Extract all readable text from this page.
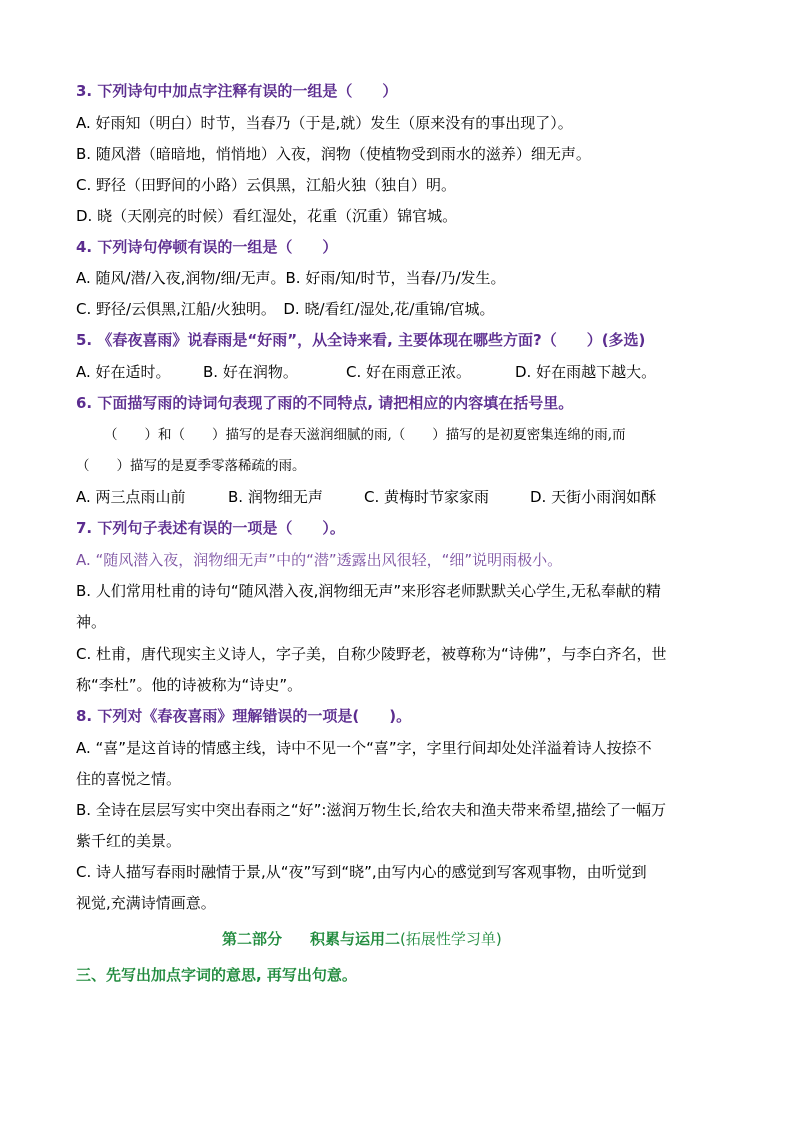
3. 下列诗句中加点字注释有误的一组是（　　）
A. 好雨知（明白）时节，当春乃（于是,就）发生（原来没有的事出现了）。
B. 随风潜（暗暗地，悄悄地）入夜，润物（使植物受到雨水的滋养）细无声。
C. 野径（田野间的小路）云俱黑，江船火独（独自）明。
D. 晓（天刚亮的时候）看红湿处，花重（沉重）锦官城。
4. 下列诗句停顿有误的一组是（　　）
A. 随风/潜/入夜,润物/细/无声。B. 好雨/知/时节，当春/乃/发生。
C. 野径/云俱黑,江船/火独明。　D. 晓/看红/湿处,花/重锦/官城。
5. 《春夜喜雨》说春雨是“好雨”，从全诗来看, 主要体现在哪些方面?（　　）(多选)
A. 好在适时。 B. 好在润物。	C. 好在雨意正浓。	D. 好在雨越下越大。
6. 下面描写雨的诗词句表现了雨的不同特点, 请把相应的内容填在括号里。
（　　）和（　　）描写的是春天滋润细腻的雨,（　　）描写的是初夏密集连绵的雨,而
（　　）描写的是夏季零落稀疏的雨。
A. 两三点雨山前	B. 润物细无声	C. 黄梅时节家家雨	D. 天街小雨润如酥
7. 下列句子表述有误的一项是（　　）。
A. “随风潜入夜，润物细无声”中的“潜”透露出风很轻，“细”说明雨极小。
B. 人们常用杜甫的诗句“随风潜入夜,润物细无声”来形容老师默默关心学生,无私奉献的精
神。
C. 杜甫，唐代现实主义诗人，字子美，自称少陵野老，被尊称为“诗佛”，与李白齐名，世
称“李杜”。他的诗被称为“诗史”。
8. 下列对《春夜喜雨》理解错误的一项是(　　)。
A. “喜”是这首诗的情感主线，诗中不见一个“喜”字，字里行间却处处洋溢着诗人按捺不
住的喜悦之情。
B. 全诗在层层写实中突出春雨之“好”:滋润万物生长,给农夫和渔夫带来希望,描绘了一幅万
紫千红的美景。
C. 诗人描写春雨时融情于景,从“夜”写到“晓”,由写内心的感觉到写客观事物，由听觉到
视觉,充满诗情画意。
第二部分 积累与运用二(拓展性学习单)
三、先写出加点字词的意思, 再写出句意。
